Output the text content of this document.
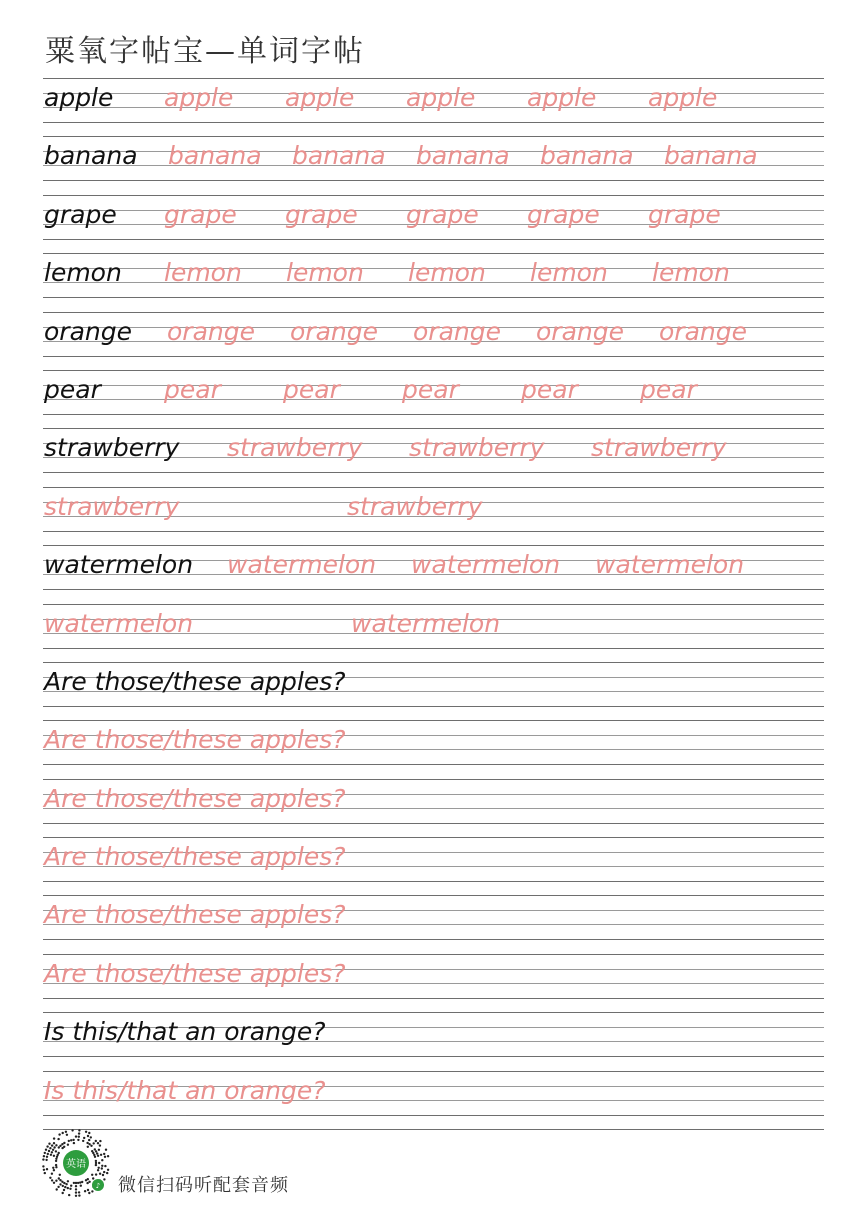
粟氧字帖宝—单词字帖
apple apple apple apple apple apple
banana banana banana banana banana banana
grape grape grape grape grape grape
lemon lemon lemon lemon lemon lemon
orange orange orange orange orange orange
pear	pear pear pear pear pear
strawberry strawberry strawberry strawberry
strawberry	strawberry
watermelon watermelon watermelon watermelon
watermelon	watermelon
Are those/these apples?
Are those/these apples?
Are those/these apples?
Are those/these apples?
Are those/these apples?
Are those/these apples?
Is this/that an orange?
Is this/that an orange?
英语
♪ 微信扫码听配套音频
